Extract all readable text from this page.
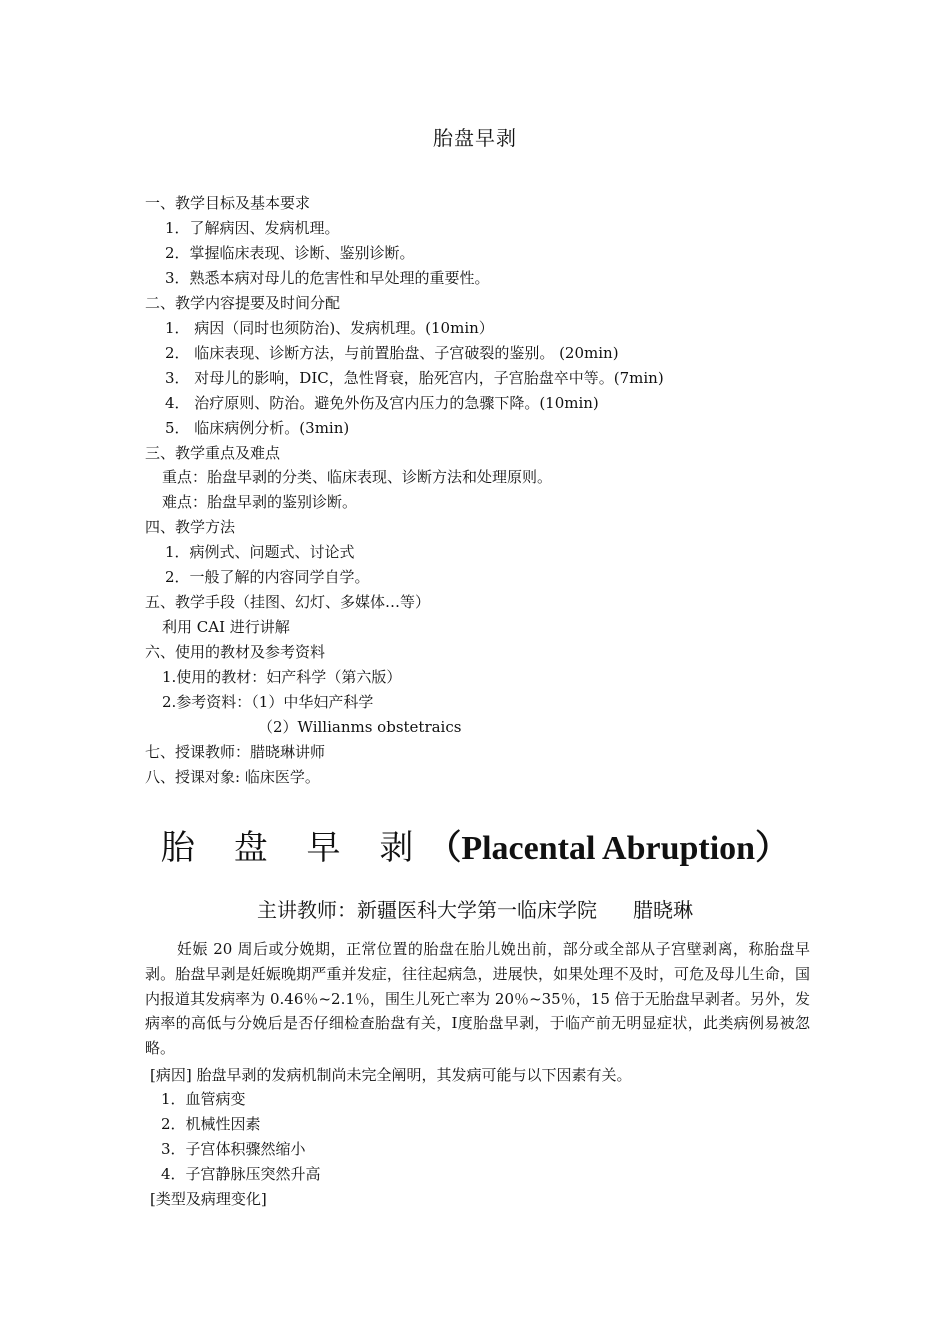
胎盘早剥
一、教学目标及基本要求
1．了解病因、发病机理。
2．掌握临床表现、诊断、鉴别诊断。
3．熟悉本病对母儿的危害性和早处理的重要性。
二、教学内容提要及时间分配
1． 病因（同时也须防治)、发病机理。(10min）
2． 临床表现、诊断方法，与前置胎盘、子宫破裂的鉴别。 (20min)
3． 对母儿的影响，DIC，急性肾衰，胎死宫内，子宫胎盘卒中等。(7min)
4． 治疗原则、防治。避免外伤及宫内压力的急骤下降。(10min)
5． 临床病例分析。(3min)
三、教学重点及难点
重点：胎盘早剥的分类、临床表现、诊断方法和处理原则。
难点：胎盘早剥的鉴别诊断。
四、教学方法
1．病例式、问题式、讨论式
2．一般了解的内容同学自学。
五、教学手段（挂图、幻灯、多媒体…等）
利用 CAI 进行讲解
六、使用的教材及参考资料
1.使用的教材：妇产科学（第六版）
2.参考资料：（1）中华妇产科学
（2）Willianms obstetraics
七、授课教师：腊晓琳讲师
八、授课对象: 临床医学。
胎 盘 早 剥（Placental Abruption）
主讲教师：新疆医科大学第一临床学院 腊晓琳

妊娠 20 周后或分娩期，正常位置的胎盘在胎儿娩出前，部分或全部从子宫壁剥离，称胎盘早剥。胎盘早剥是妊娠晚期严重并发症，往往起病急，进展快，如果处理不及时，可危及母儿生命，国内报道其发病率为 0.46％~2.1％，围生儿死亡率为 20％~35％，15 倍于无胎盘早剥者。另外，发病率的高低与分娩后是否仔细检查胎盘有关，Ⅰ度胎盘早剥，于临产前无明显症状，此类病例易被忽略。

[病因] 胎盘早剥的发病机制尚未完全阐明，其发病可能与以下因素有关。
1．血管病变
2．机械性因素
3．子宫体积骤然缩小
4．子宫静脉压突然升高
[类型及病理变化]
